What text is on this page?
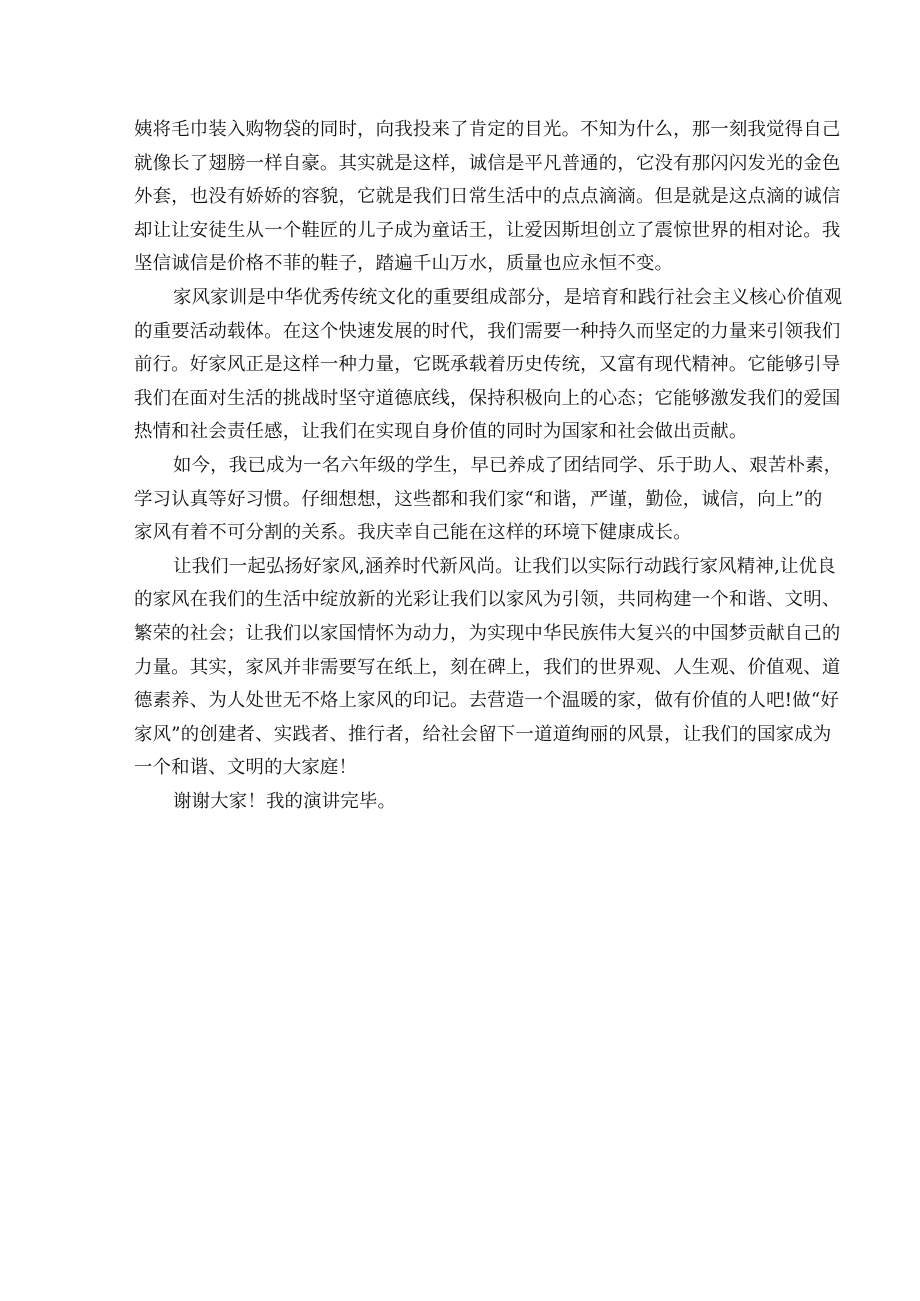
姨将毛巾装入购物袋的同时，向我投来了肯定的目光。不知为什么，那一刻我觉得自己
就像长了翅膀一样自豪。其实就是这样，诚信是平凡普通的，它没有那闪闪发光的金色
外套，也没有娇娇的容貌，它就是我们日常生活中的点点滴滴。但是就是这点滴的诚信
却让让安徒生从一个鞋匠的儿子成为童话王，让爱因斯坦创立了震惊世界的相对论。我
坚信诚信是价格不菲的鞋子，踏遍千山万水，质量也应永恒不变。
家风家训是中华优秀传统文化的重要组成部分，是培育和践行社会主义核心价值观
的重要活动载体。在这个快速发展的时代，我们需要一种持久而坚定的力量来引领我们
前行。好家风正是这样一种力量，它既承载着历史传统，又富有现代精神。它能够引导
我们在面对生活的挑战时坚守道德底线，保持积极向上的心态；它能够激发我们的爱国
热情和社会责任感，让我们在实现自身价值的同时为国家和社会做出贡献。
如今，我已成为一名六年级的学生，早已养成了团结同学、乐于助人、艰苦朴素，
学习认真等好习惯。仔细想想，这些都和我们家“和谐，严谨，勤俭，诚信，向上”的
家风有着不可分割的关系。我庆幸自己能在这样的环境下健康成长。
让我们一起弘扬好家风,涵养时代新风尚。让我们以实际行动践行家风精神,让优良
的家风在我们的生活中绽放新的光彩让我们以家风为引领，共同构建一个和谐、文明、
繁荣的社会；让我们以家国情怀为动力，为实现中华民族伟大复兴的中国梦贡献自己的
力量。其实，家风并非需要写在纸上，刻在碑上，我们的世界观、人生观、价值观、道
德素养、为人处世无不烙上家风的印记。去营造一个温暖的家，做有价值的人吧!做“好
家风”的创建者、实践者、推行者，给社会留下一道道绚丽的风景，让我们的国家成为
一个和谐、文明的大家庭！
谢谢大家！我的演讲完毕。
